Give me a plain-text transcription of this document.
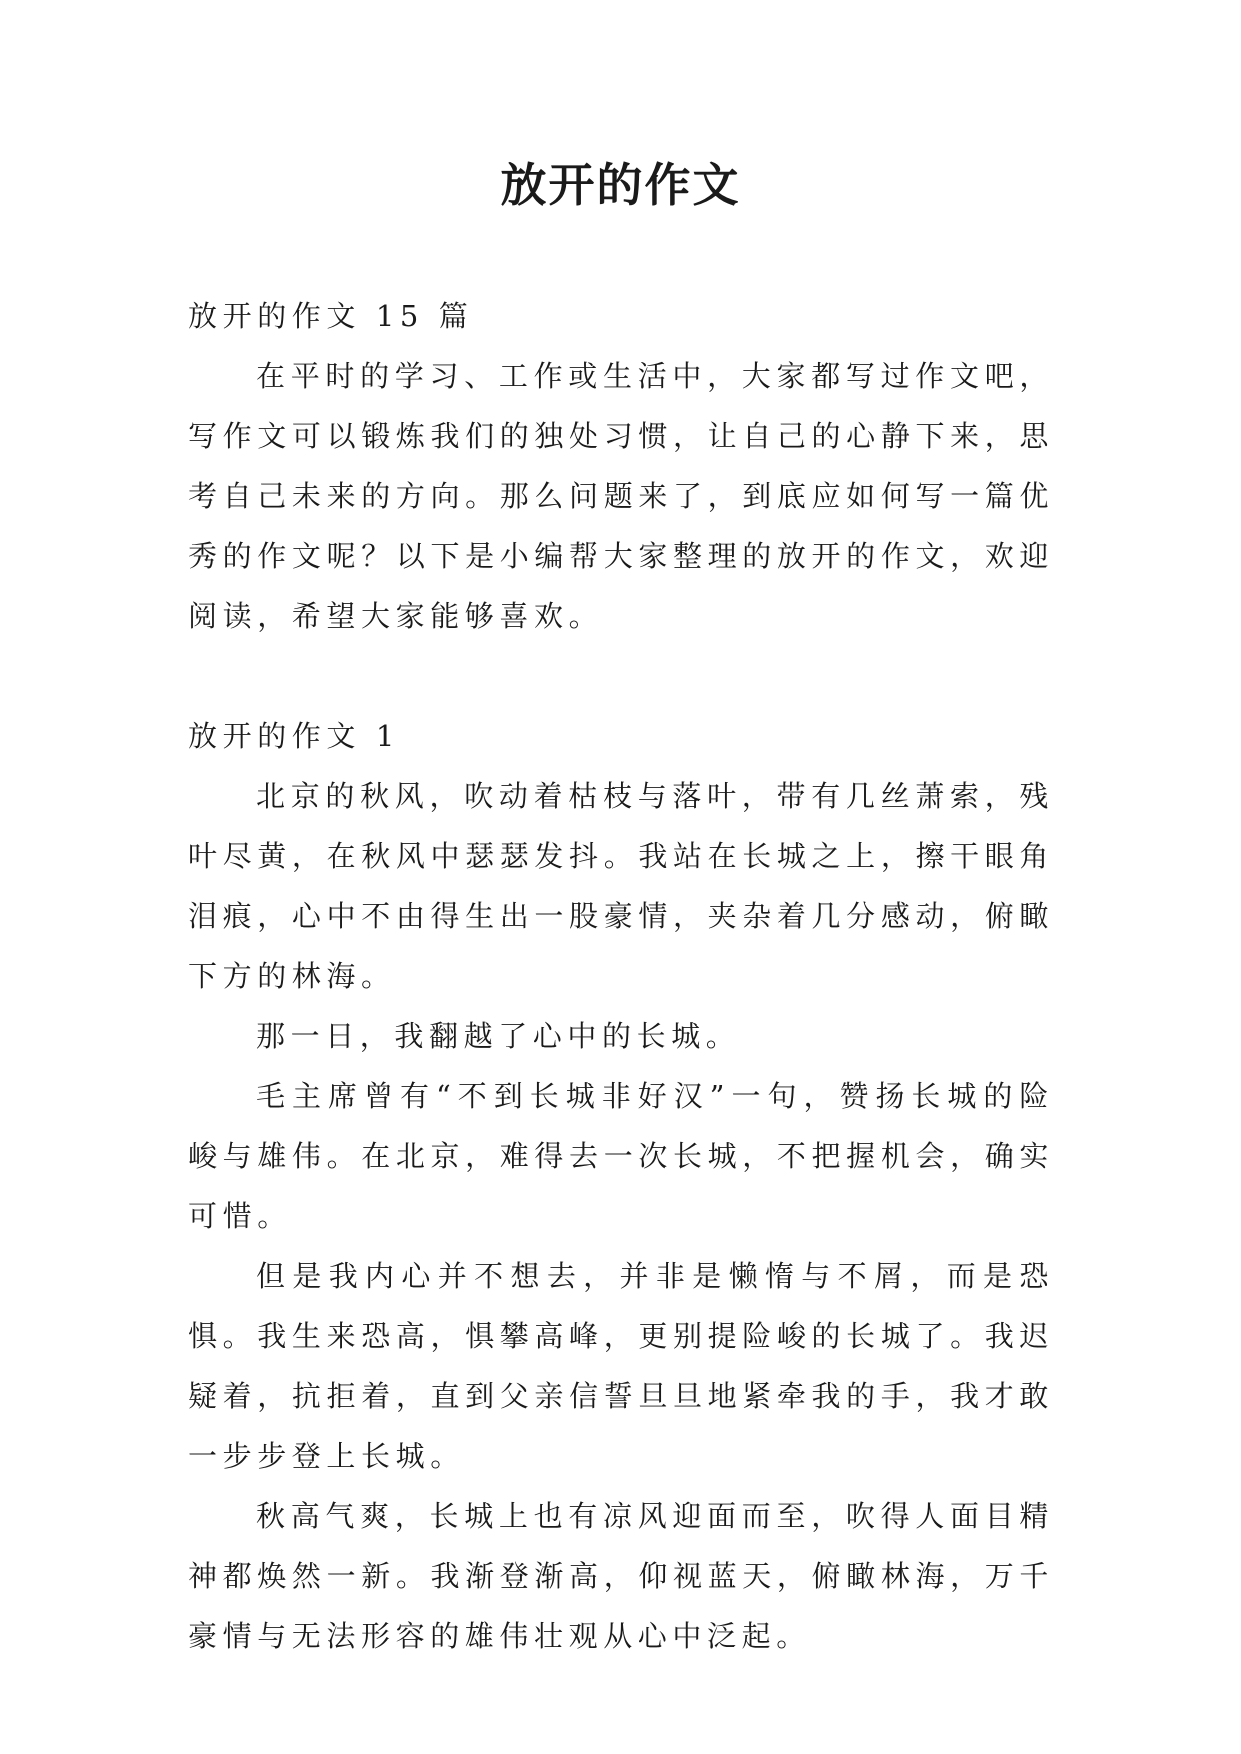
放开的作文

放开的作文 15 篇

在平时的学习、工作或生活中，大家都写过作文吧，写作文可以锻炼我们的独处习惯，让自己的心静下来，思考自己未来的方向。那么问题来了，到底应如何写一篇优秀的作文呢？以下是小编帮大家整理的放开的作文，欢迎阅读，希望大家能够喜欢。

放开的作文 1

北京的秋风，吹动着枯枝与落叶，带有几丝萧索，残叶尽黄，在秋风中瑟瑟发抖。我站在长城之上，擦干眼角泪痕，心中不由得生出一股豪情，夹杂着几分感动，俯瞰下方的林海。

那一日，我翻越了心中的长城。

毛主席曾有“不到长城非好汉”一句，赞扬长城的险峻与雄伟。在北京，难得去一次长城，不把握机会，确实可惜。

但是我内心并不想去，并非是懒惰与不屑，而是恐惧。我生来恐高，惧攀高峰，更别提险峻的长城了。我迟疑着，抗拒着，直到父亲信誓旦旦地紧牵我的手，我才敢一步步登上长城。

秋高气爽，长城上也有凉风迎面而至，吹得人面目精神都焕然一新。我渐登渐高，仰视蓝天，俯瞰林海，万千豪情与无法形容的雄伟壮观从心中泛起。
